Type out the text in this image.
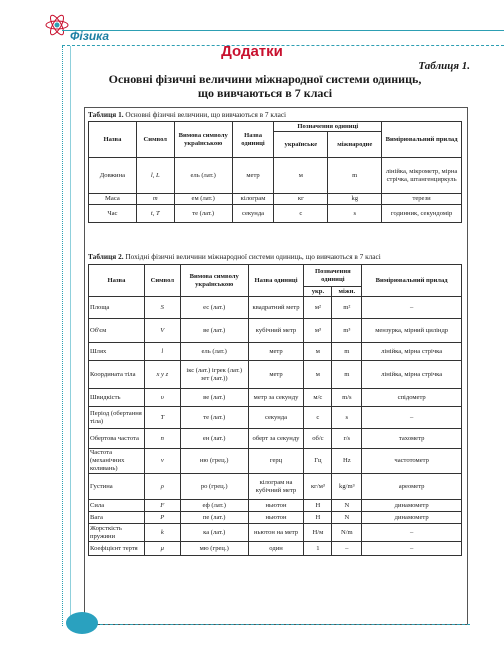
Фізика
Додатки
Таблиця 1.
Основні фізичні величини міжнародної системи одиниць,
що вивчаються в 7 класі
Таблиця 1. Основні фізичні величини, що вивчаються в 7 класі
Назва	Символ	Вимова символу українською	Назва одиниці	Позначення одиниці		Вимірювальний прилад
				українське	міжнародне	
Довжина	l, L	ель (лат.)	метр	м	m	лінійка, мікрометр, мірна стрічка, штангенциркуль
Маса	m	ем (лат.)	кілограм	кг	kg	терези
Час	t, T	те (лат.)	секунда	с	s	годинник, секундомір
Таблиця 2. Похідні фізичні величини міжнародної системи одиниць, що вивчаються в 7 класі
Назва	Символ	Вимова символу українською	Назва одиниці	Позначення одиниці		Вимірювальний прилад
				укр.	міжн.	
Площа	S	ес (лат.)	квадратний метр	м²	m²	–
Об'єм	V	ве (лат.)	кубічний метр	м³	m³	мензурка, мірний циліндр
Шлях	l	ель (лат.)	метр	м	m	лінійка, мірна стрічка
Координата тіла	x y z	ікс (лат.) ігрек (лат.) зет (лат.))	метр	м	m	лінійка, мірна стрічка
Швидкість	υ	ве (лат.)	метр за секунду	м/с	m/s	спідометр
Період (обертання тіла)	T	те (лат.)	секунда	с	s	–
Обертова частота	n	ен (лат.)	оберт за секунду	об/с	r/s	тахометр
Частота (механічних коливань)	ν	ню (грец.)	герц	Гц	Hz	частотометр
Густина	ρ	ро (грец.)	кілограм на кубічний метр	кг/м³	kg/m³	ареометр
Сила	F	еф (лат.)	ньютон	Н	N	динамометр
Вага	P	пе (лат.)	ньютон	Н	N	динамометр
Жорсткість пружини	k	ка (лат.)	ньютон на метр	Н/м	N/m	–
Коефіцієнт тертя	μ	мю (грец.)	один	1	–	–
